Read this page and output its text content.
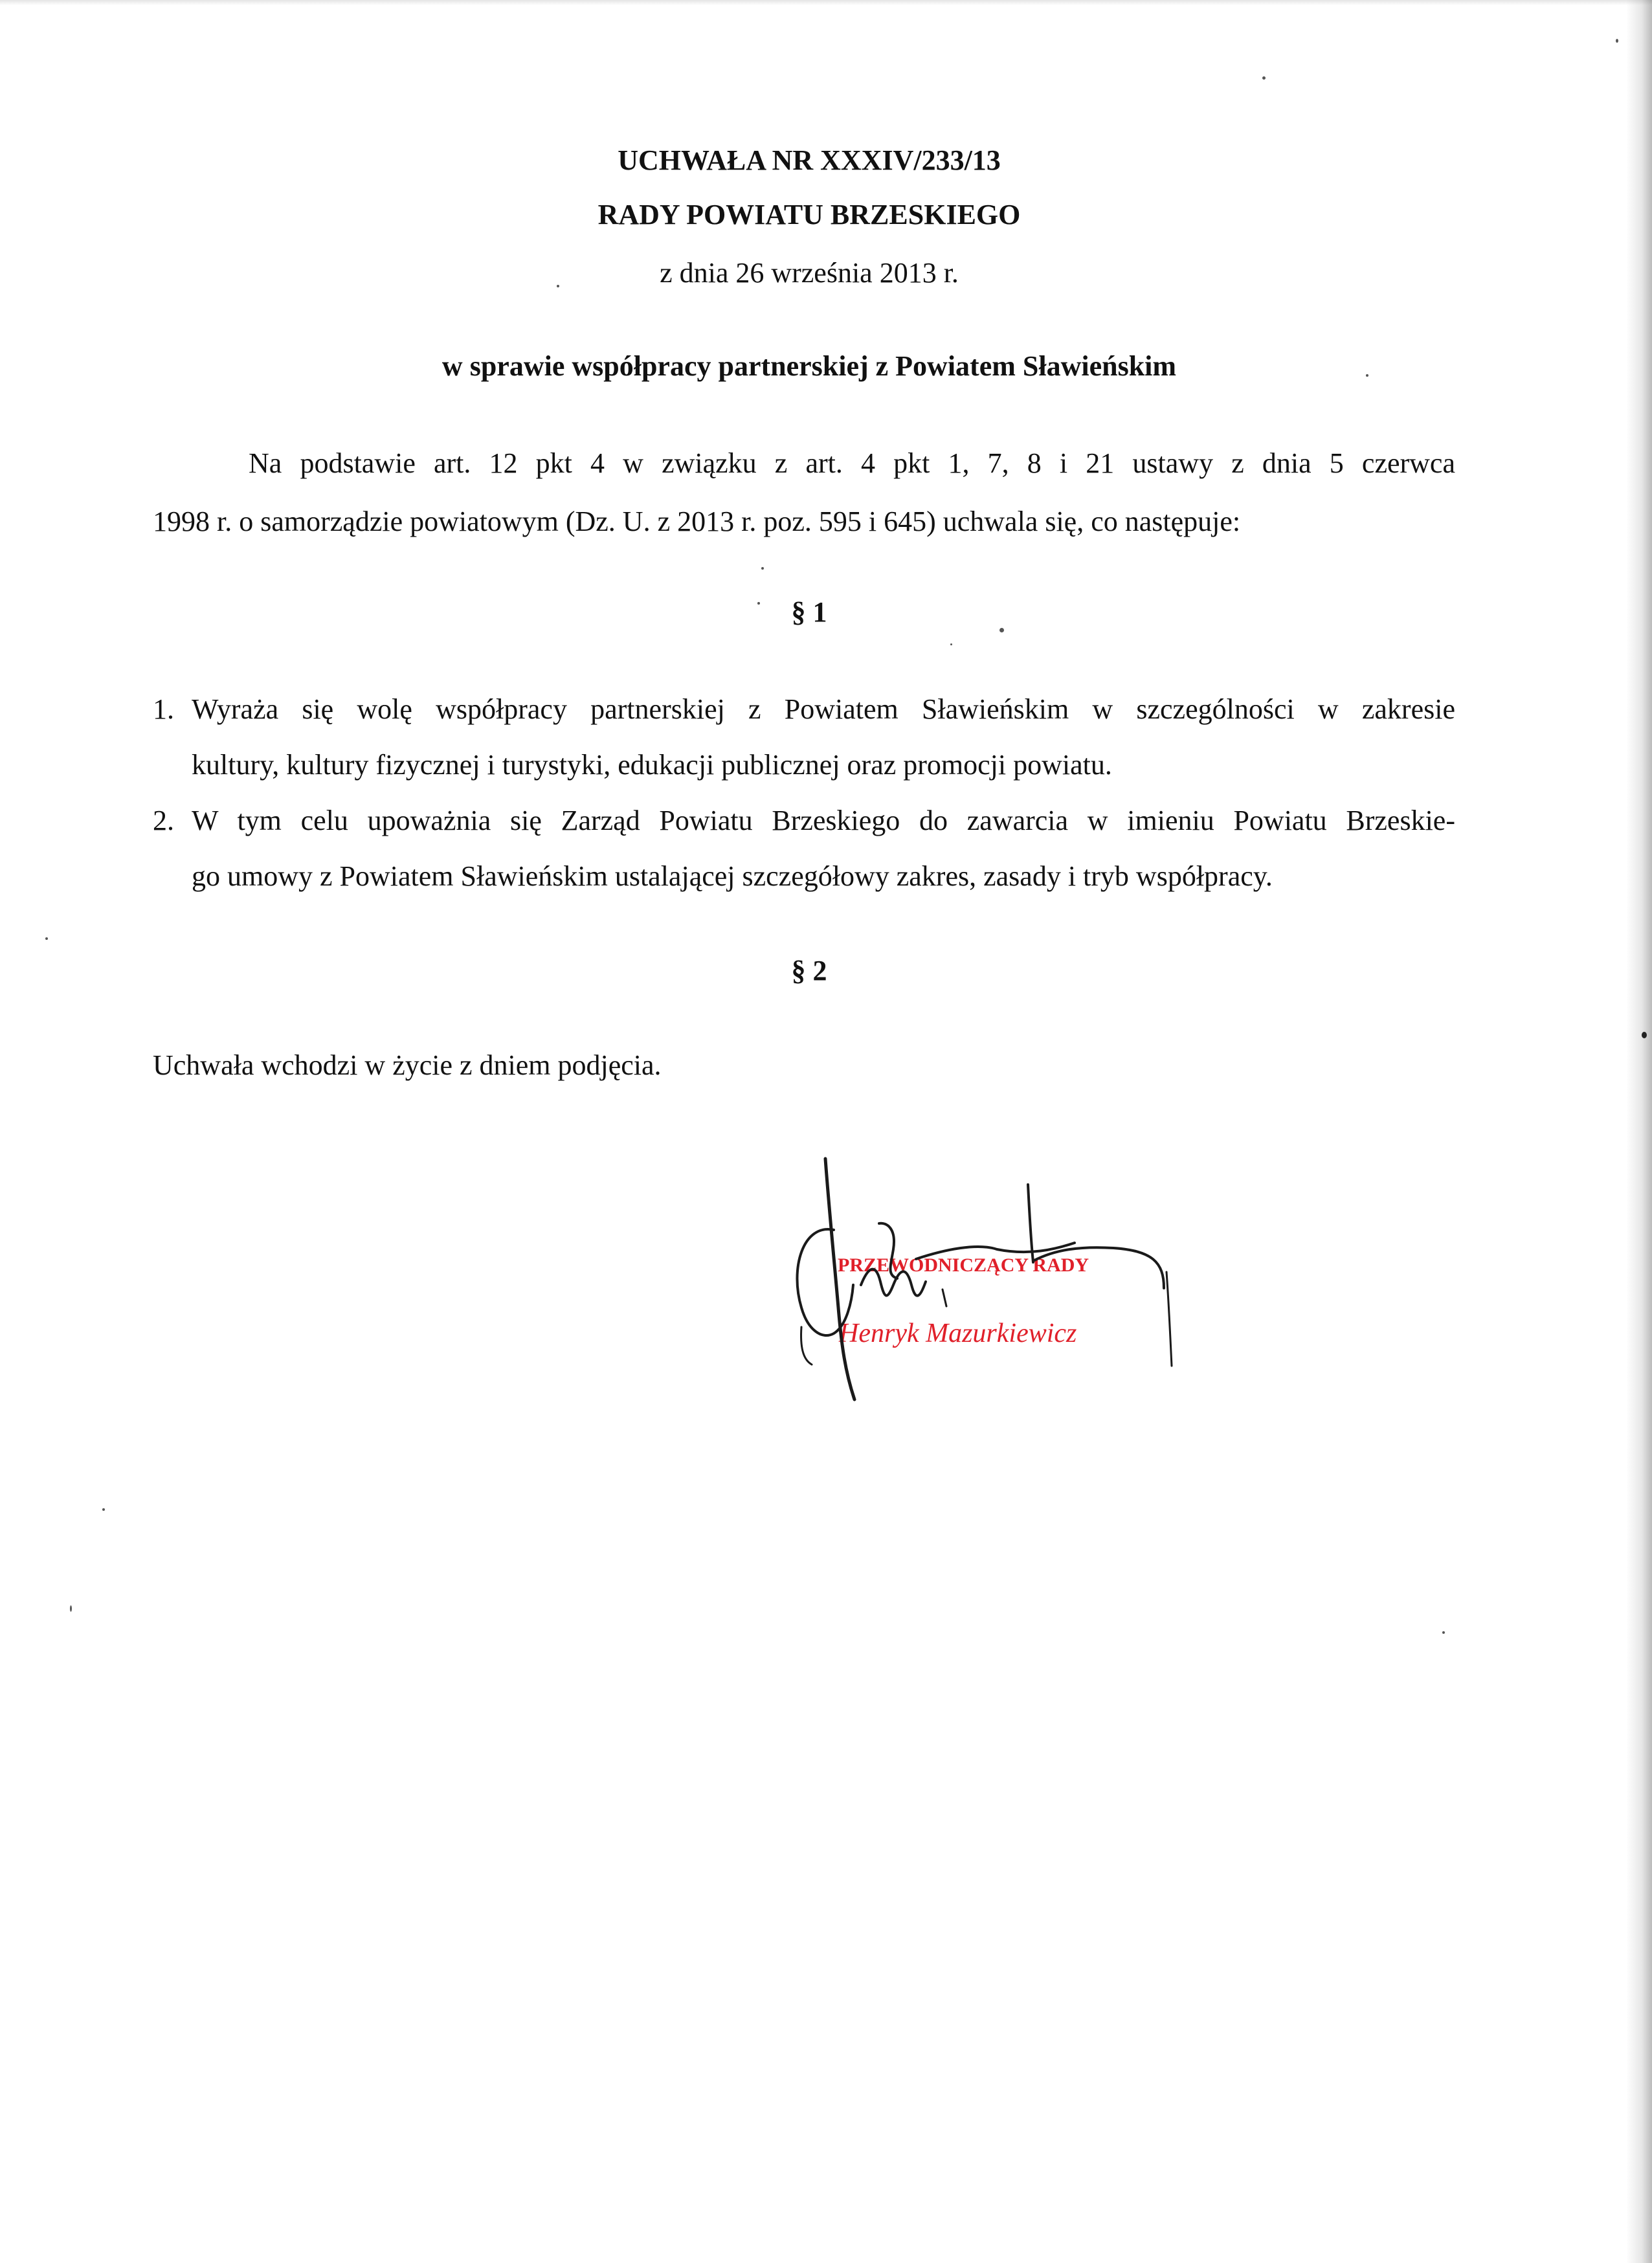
UCHWAŁA NR XXXIV/233/13
RADY POWIATU BRZESKIEGO
z dnia 26 września 2013 r.
w sprawie współpracy partnerskiej z Powiatem Sławieńskim
Na podstawie art. 12 pkt 4 w związku z art. 4 pkt 1, 7, 8 i 21 ustawy z dnia 5 czerwca
1998 r. o samorządzie powiatowym (Dz. U. z 2013 r. poz. 595 i 645) uchwala się, co następuje:
§ 1
1. Wyraża się wolę współpracy partnerskiej z Powiatem Sławieńskim w szczególności w zakresie
kultury, kultury fizycznej i turystyki, edukacji publicznej oraz promocji powiatu.
2. W tym celu upoważnia się Zarząd Powiatu Brzeskiego do zawarcia w imieniu Powiatu Brzeskie-
go umowy z Powiatem Sławieńskim ustalającej szczegółowy zakres, zasady i tryb współpracy.
§ 2
Uchwała wchodzi w życie z dniem podjęcia.
PRZEWODNICZĄCY RADY
Henryk Mazurkiewicz
